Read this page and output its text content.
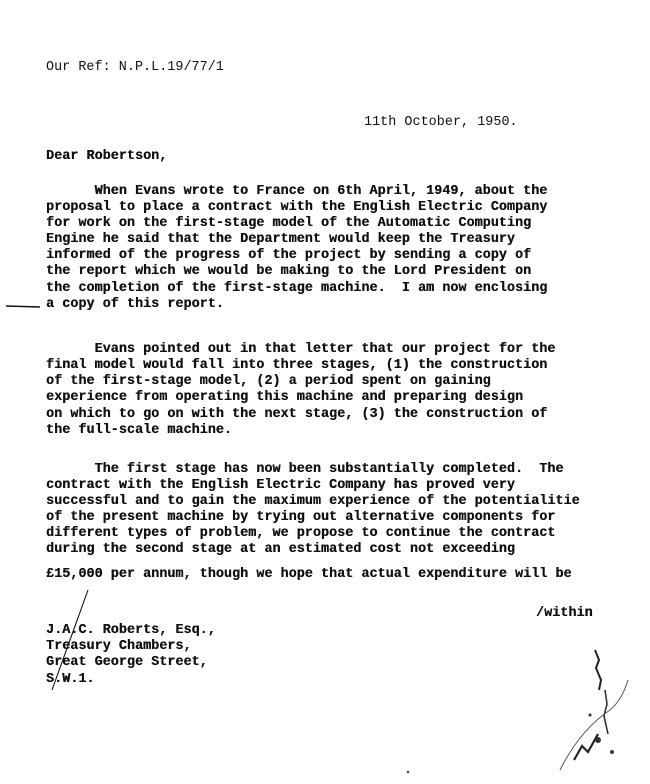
Our Ref: N.P.L.19/77/1
11th October, 1950.
Dear Robertson,
When Evans wrote to France on 6th April, 1949, about the
proposal to place a contract with the English Electric Company
for work on the first-stage model of the Automatic Computing
Engine he said that the Department would keep the Treasury
informed of the progress of the project by sending a copy of
the report which we would be making to the Lord President on
the completion of the first-stage machine.  I am now enclosing
a copy of this report.
Evans pointed out in that letter that our project for the
final model would fall into three stages, (1) the construction
of the first-stage model, (2) a period spent on gaining
experience from operating this machine and preparing design
on which to go on with the next stage, (3) the construction of
the full-scale machine.
The first stage has now been substantially completed.  The
contract with the English Electric Company has proved very
successful and to gain the maximum experience of the potentialitie
of the present machine by trying out alternative components for
different types of problem, we propose to continue the contract
during the second stage at an estimated cost not exceeding
£15,000 per annum, though we hope that actual expenditure will be
/within
J.A.C. Roberts, Esq.,
Treasury Chambers,
Great George Street,
S.W.1.
